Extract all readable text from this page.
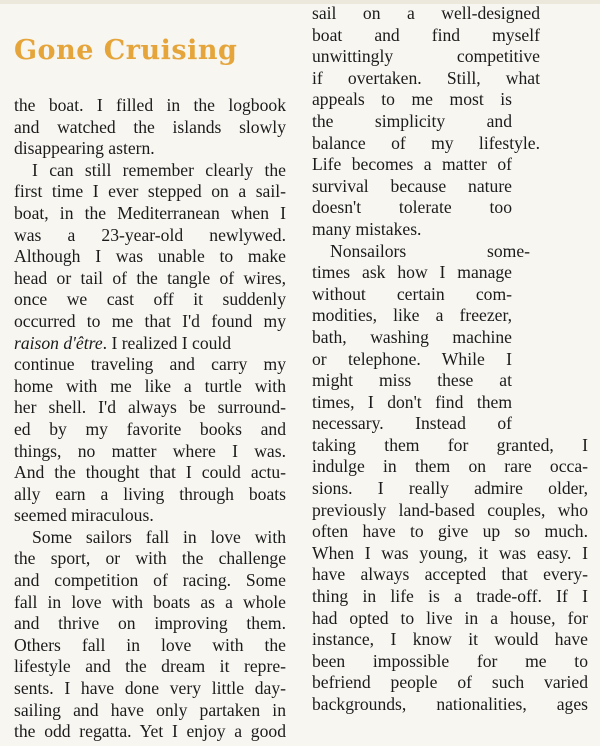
Gone Cruising
the boat. I filled in the logbook
and watched the islands slowly
disappearing astern.
I can still remember clearly the
first time I ever stepped on a sail-
boat, in the Mediterranean when I
was a 23-year-old newlywed.
Although I was unable to make
head or tail of the tangle of wires,
once we cast off it suddenly
occurred to me that I'd found my
raison d'être. I realized I could
continue traveling and carry my
home with me like a turtle with
her shell. I'd always be surround-
ed by my favorite books and
things, no matter where I was.
And the thought that I could actu-
ally earn a living through boats
seemed miraculous.
Some sailors fall in love with
the sport, or with the challenge
and competition of racing. Some
fall in love with boats as a whole
and thrive on improving them.
Others fall in love with the
lifestyle and the dream it repre-
sents. I have done very little day-
sailing and have only partaken in
the odd regatta. Yet I enjoy a good
sail on a well-designed
boat and find myself
unwittingly competitive
if overtaken. Still, what
appeals to me most is
the simplicity and
balance of my lifestyle.
Life becomes a matter of
survival because nature
doesn't tolerate too
many mistakes.
Nonsailors some-
times ask how I manage
without certain com-
modities, like a freezer,
bath, washing machine
or telephone. While I
might miss these at
times, I don't find them
necessary. Instead of
taking them for granted, I
indulge in them on rare occa-
sions. I really admire older,
previously land-based couples, who
often have to give up so much.
When I was young, it was easy. I
have always accepted that every-
thing in life is a trade-off. If I
had opted to live in a house, for
instance, I know it would have
been impossible for me to
befriend people of such varied
backgrounds, nationalities, ages
